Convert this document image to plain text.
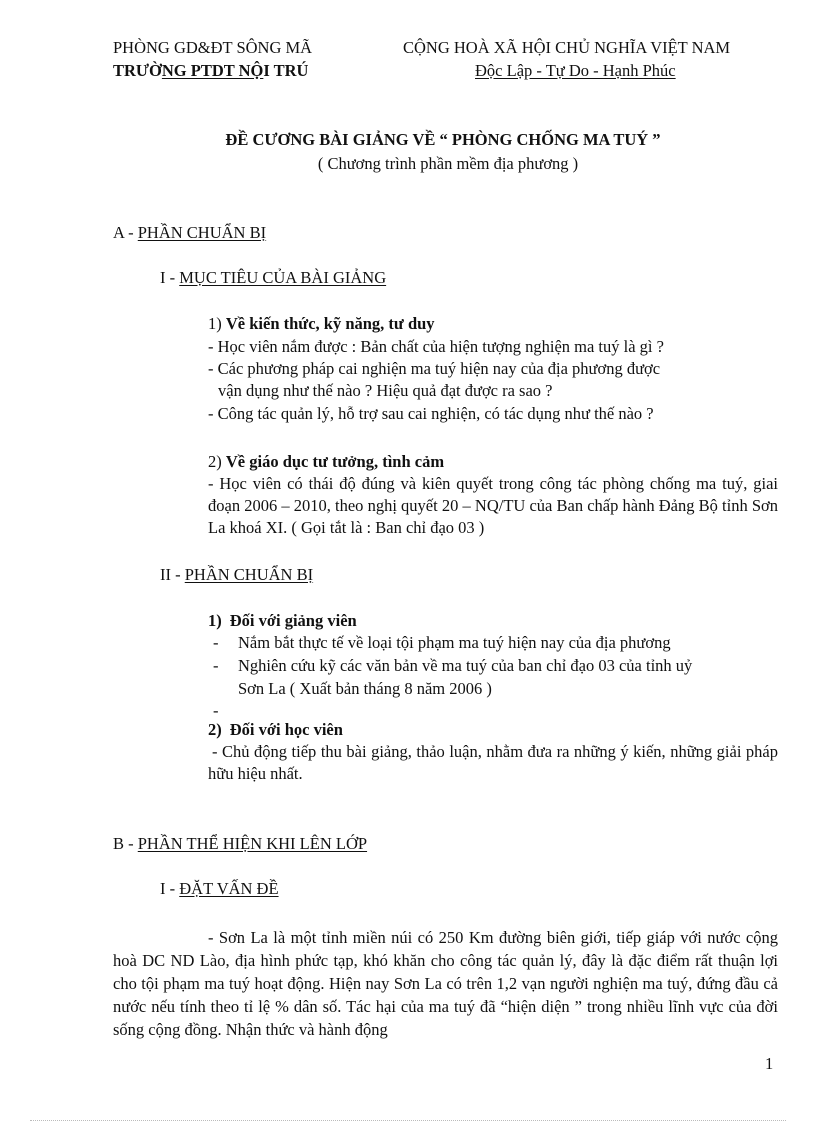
PHÒNG GD&ĐT SÔNG MÃ
TRƯỜNG PTDT NỘI TRÚ
CỘNG HOÀ XÃ HỘI CHỦ NGHĨA VIỆT NAM
Độc Lập - Tự Do - Hạnh Phúc
ĐỀ CƯƠNG BÀI GIẢNG VỀ “ PHÒNG CHỐNG MA TUÝ ”
( Chương trình phần mềm địa phương )
A - PHẦN CHUẨN BỊ
I - MỤC TIÊU CỦA BÀI GIẢNG
1) Về kiến thức, kỹ năng, tư duy
- Học viên nắm được : Bản chất của hiện tượng nghiện ma tuý là gì ?
- Các phương pháp cai nghiện ma tuý hiện nay của địa phương được
vận dụng như thế nào ? Hiệu quả đạt được ra sao ?
- Công tác quản lý, hỗ trợ sau cai nghiện, có tác dụng như thế nào ?
2) Về giáo dục tư tưởng, tình cảm
- Học viên có thái độ đúng và kiên quyết trong công tác phòng chống ma tuý, giai đoạn 2006 – 2010, theo nghị quyết 20 – NQ/TU của Ban chấp hành Đảng Bộ tỉnh Sơn La khoá XI. ( Gọi tắt là : Ban chỉ đạo 03 )
II - PHẦN CHUẨN BỊ
1) Đối với giảng viên
- Nắm bắt thực tế về loại tội phạm ma tuý hiện nay của địa phương
- Nghiên cứu kỹ các văn bản về ma tuý của ban chỉ đạo 03 của tỉnh uỷ
Sơn La ( Xuất bản tháng 8 năm 2006 )
-
2) Đối với học viên
- Chủ động tiếp thu bài giảng, thảo luận, nhằm đưa ra những ý kiến, những giải pháp hữu hiệu nhất.
B - PHẦN THỂ HIỆN KHI LÊN LỚP
I - ĐẶT VẤN ĐỀ
- Sơn La là một tỉnh miền núi có 250 Km đường biên giới, tiếp giáp với nước cộng hoà DC ND Lào, địa hình phức tạp, khó khăn cho công tác quản lý, đây là đặc điểm rất thuận lợi cho tội phạm ma tuý hoạt động. Hiện nay Sơn La có trên 1,2 vạn người nghiện ma tuý, đứng đầu cả nước nếu tính theo tỉ lệ % dân số. Tác hại của ma tuý đã “hiện diện ” trong nhiều lĩnh vực của đời sống cộng đồng. Nhận thức và hành động
1
